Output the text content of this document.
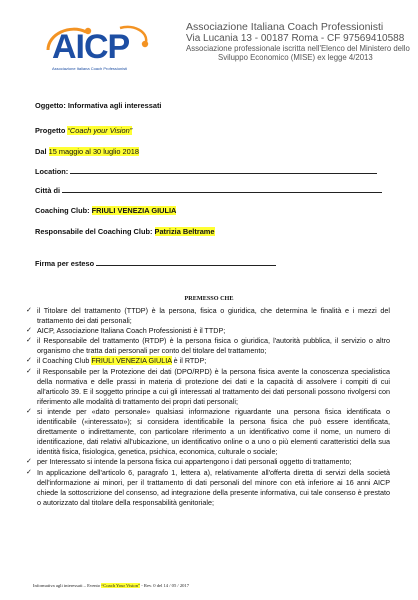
AICP
Associazione Italiana Coach Professionisti
Associazione Italiana Coach Professionisti
Via Lucania 13 - 00187 Roma - CF 97569410588
Associazione professionale iscritta nell'Elenco del Ministero dello
Sviluppo Economico (MISE) ex legge 4/2013
Oggetto: Informativa agli interessati
Progetto “Coach your Vision”
Dal 15 maggio al 30 luglio 2018
Location:
Città di
Coaching Club: FRIULI VENEZIA GIULIA
Responsabile del Coaching Club: Patrizia Beltrame
Firma per esteso
PREMESSO CHE
✓ il Titolare del trattamento (TTDP) è la persona, fisica o giuridica, che determina le finalità e i mezzi del trattamento dei dati personali;
✓ AICP, Associazione Italiana Coach Professionisti è il TTDP;
✓ il Responsabile del trattamento (RTDP) è la persona fisica o giuridica, l'autorità pubblica, il servizio o altro organismo che tratta dati personali per conto del titolare del trattamento;
✓ il Coaching Club FRIULI VENEZIA GIULIA è il RTDP;
✓ il Responsabile per la Protezione dei dati (DPO/RPD) è la persona fisica avente la conoscenza specialistica della normativa e delle prassi in materia di protezione dei dati e la capacità di assolvere i compiti di cui all'articolo 39. E il soggetto principe a cui gli interessati al trattamento dei dati personali possono rivolgersi con riferimento alle modalità di trattamento dei propri dati personali;
✓ si intende per «dato personale» qualsiasi informazione riguardante una persona fisica identificata o identificabile («interessato»); si considera identificabile la persona fisica che può essere identificata, direttamente o indirettamente, con particolare riferimento a un identificativo come il nome, un numero di identificazione, dati relativi all'ubicazione, un identificativo online o a uno o più elementi caratteristici della sua identità fisica, fisiologica, genetica, psichica, economica, culturale o sociale;
✓ per Interessato si intende la persona fisica cui appartengono i dati personali oggetto di trattamento;
✓ In applicazione dell'articolo 6, paragrafo 1, lettera a), relativamente all'offerta diretta di servizi della società dell'informazione ai minori, per il trattamento di dati personali del minore con età inferiore ai 16 anni AICP chiede la sottoscrizione del consenso, ad integrazione della presente informativa, cui tale consenso è prestato o autorizzato dal titolare della responsabilità genitoriale;
Informativa agli interessati – Evento “Coach Your Vision” - Rev. 0 del 14 / 05 / 2017
